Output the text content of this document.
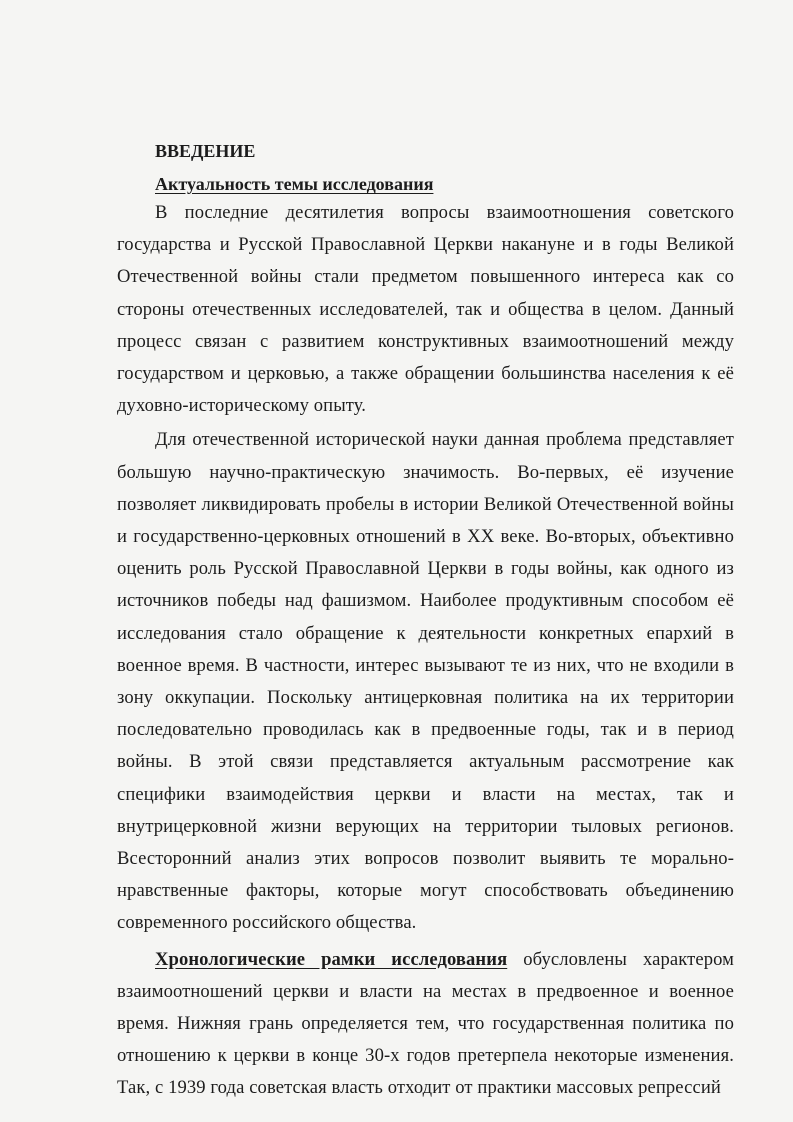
ВВЕДЕНИЕ
Актуальность темы исследования

В последние десятилетия вопросы взаимоотношения советского государства и Русской Православной Церкви накануне и в годы Великой Отечественной войны стали предметом повышенного интереса как со стороны отечественных исследователей, так и общества в целом. Данный процесс связан с развитием конструктивных взаимоотношений между государством и церковью, а также обращении большинства населения к её духовно-историческому опыту.

Для отечественной исторической науки данная проблема представляет большую научно-практическую значимость. Во-первых, её изучение позволяет ликвидировать пробелы в истории Великой Отечественной войны и государственно-церковных отношений в XX веке. Во-вторых, объективно оценить роль Русской Православной Церкви в годы войны, как одного из источников победы над фашизмом. Наиболее продуктивным способом её исследования стало обращение к деятельности конкретных епархий в военное время. В частности, интерес вызывают те из них, что не входили в зону оккупации. Поскольку антицерковная политика на их территории последовательно проводилась как в предвоенные годы, так и в период войны. В этой связи представляется актуальным рассмотрение как специфики взаимодействия церкви и власти на местах, так и внутрицерковной жизни верующих на территории тыловых регионов. Всесторонний анализ этих вопросов позволит выявить те морально-нравственные факторы, которые могут способствовать объединению современного российского общества.

Хронологические рамки исследования обусловлены характером взаимоотношений церкви и власти на местах в предвоенное и военное время. Нижняя грань определяется тем, что государственная политика по отношению к церкви в конце 30-х годов претерпела некоторые изменения. Так, с 1939 года советская власть отходит от практики массовых репрессий
